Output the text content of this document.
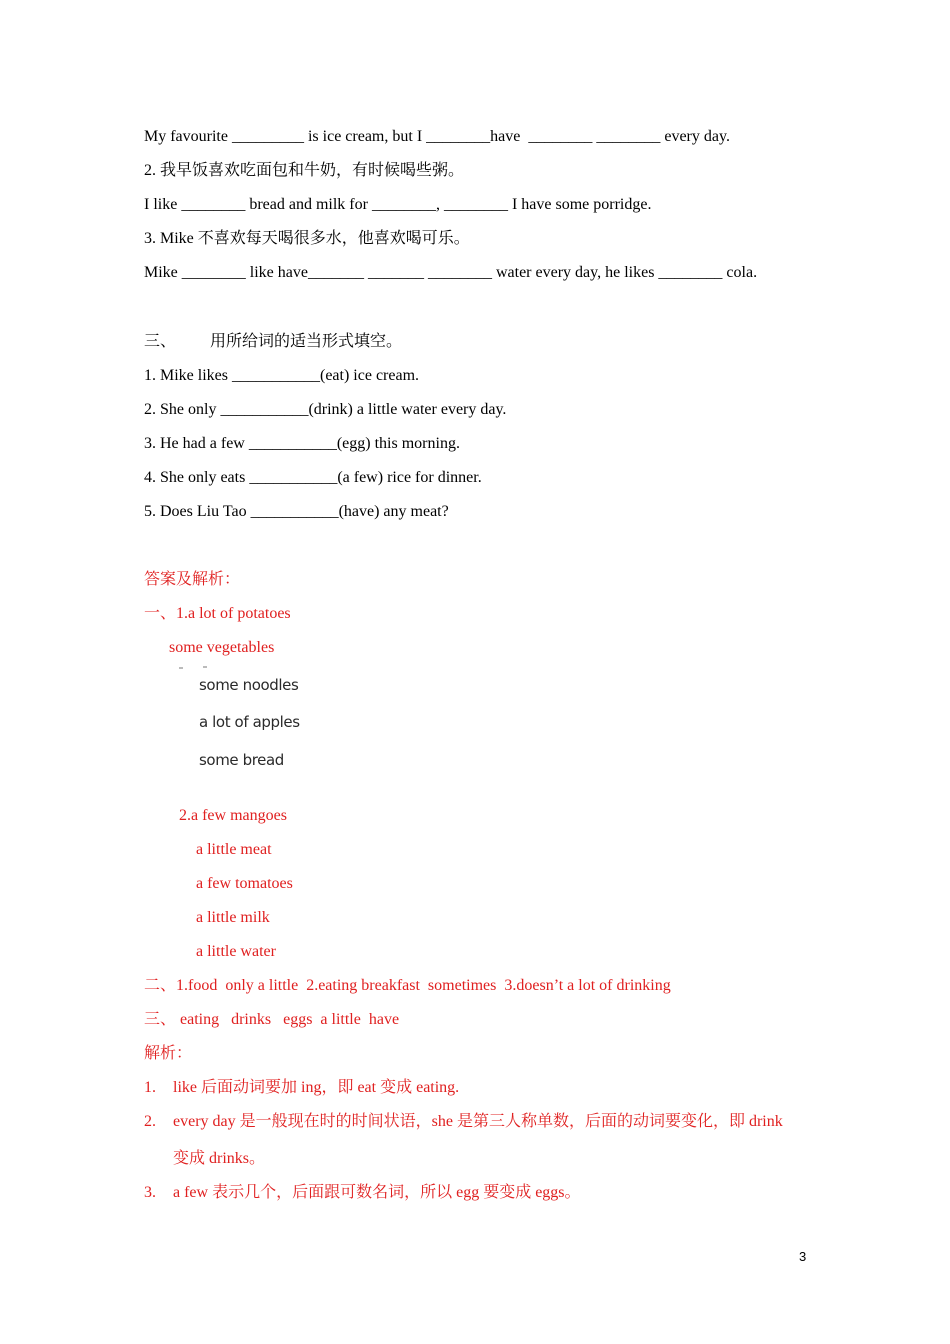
My favourite _________ is ice cream, but I ________have  ________ ________ every day.
2. 我早饭喜欢吃面包和牛奶，有时候喝些粥。
I like ________ bread and milk for ________, ________ I have some porridge.
3. Mike 不喜欢每天喝很多水，他喜欢喝可乐。
Mike ________ like have_______ _______ ________ water every day, he likes ________ cola.
三、 用所给词的适当形式填空。
1. Mike likes ___________(eat) ice cream.
2. She only ___________(drink) a little water every day.
3. He had a few ___________(egg) this morning.
4. She only eats ___________(a few) rice for dinner.
5. Does Liu Tao ___________(have) any meat?
答案及解析：
一、1.a lot of potatoes
some vegetables
some noodles
a lot of apples
some bread
2.a few mangoes
a little meat
a few tomatoes
a little milk
a little water
二、1.food  only a little  2.eating breakfast  sometimes  3.doesn’t a lot of drinking
三、 eating   drinks   eggs  a little  have
解析：
1. like 后面动词要加 ing，即 eat 变成 eating.
2. every day 是一般现在时的时间状语，she 是第三人称单数，后面的动词要变化，即 drink
变成 drinks。
3. a few 表示几个，后面跟可数名词，所以 egg 要变成 eggs。
3
